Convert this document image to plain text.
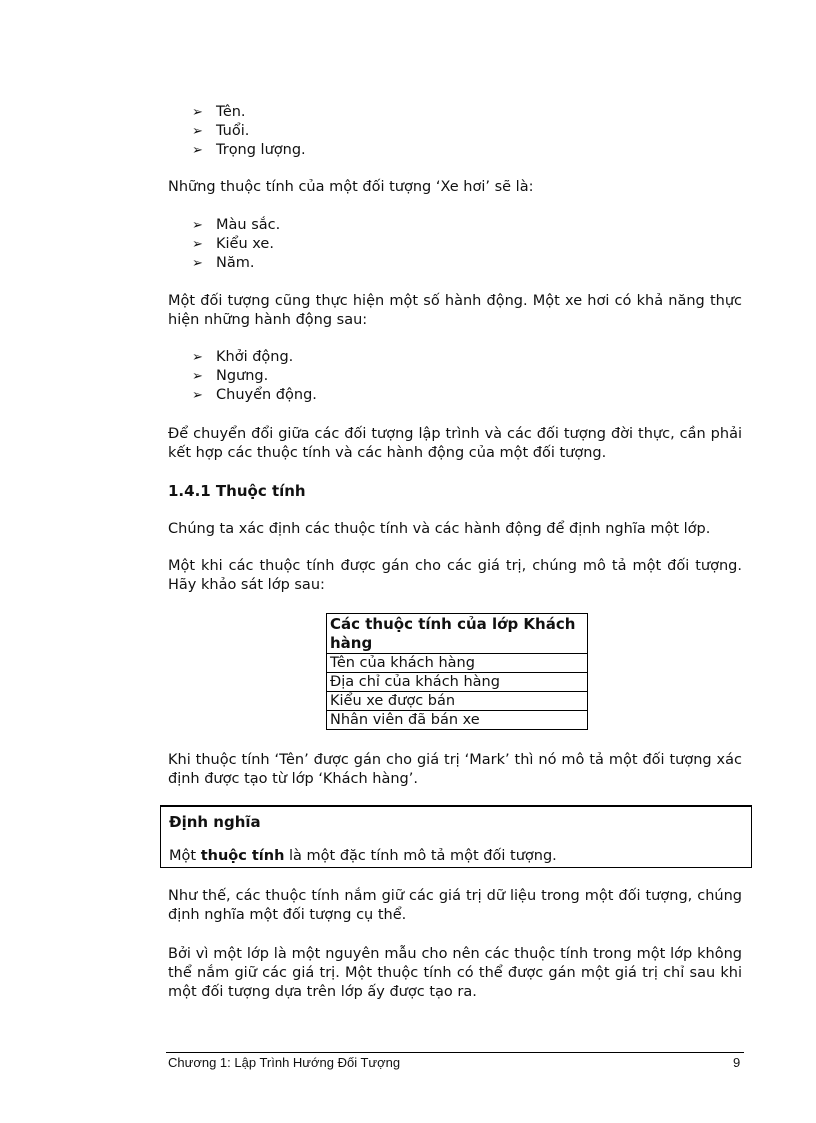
➢ Tên.
➢ Tuổi.
➢ Trọng lượng.
Những thuộc tính của một đối tượng ‘Xe hơi’ sẽ là:
➢ Màu sắc.
➢ Kiểu xe.
➢ Năm.
Một đối tượng cũng thực hiện một số hành động. Một xe hơi có khả năng thực hiện những hành động sau:
➢ Khởi động.
➢ Ngưng.
➢ Chuyển động.
Để chuyển đổi giữa các đối tượng lập trình và các đối tượng đời thực, cần phải kết hợp các thuộc tính và các hành động của một đối tượng.
1.4.1 Thuộc tính
Chúng ta xác định các thuộc tính và các hành động để định nghĩa một lớp.
Một khi các thuộc tính được gán cho các giá trị, chúng mô tả một đối tượng. Hãy khảo sát lớp sau:
Các thuộc tính của lớp Khách hàng
Tên của khách hàng
Địa chỉ của khách hàng
Kiểu xe được bán
Nhân viên đã bán xe
Khi thuộc tính ‘Tên’ được gán cho giá trị ‘Mark’ thì nó mô tả một đối tượng xác định được tạo từ lớp ‘Khách hàng’.
Định nghĩa
Một thuộc tính là một đặc tính mô tả một đối tượng.
Như thế, các thuộc tính nắm giữ các giá trị dữ liệu trong một đối tượng, chúng định nghĩa một đối tượng cụ thể.
Bởi vì một lớp là một nguyên mẫu cho nên các thuộc tính trong một lớp không thể nắm giữ các giá trị. Một thuộc tính có thể được gán một giá trị chỉ sau khi một đối tượng dựa trên lớp ấy được tạo ra.
Chương 1: Lập Trình Hướng Đối Tượng	9
